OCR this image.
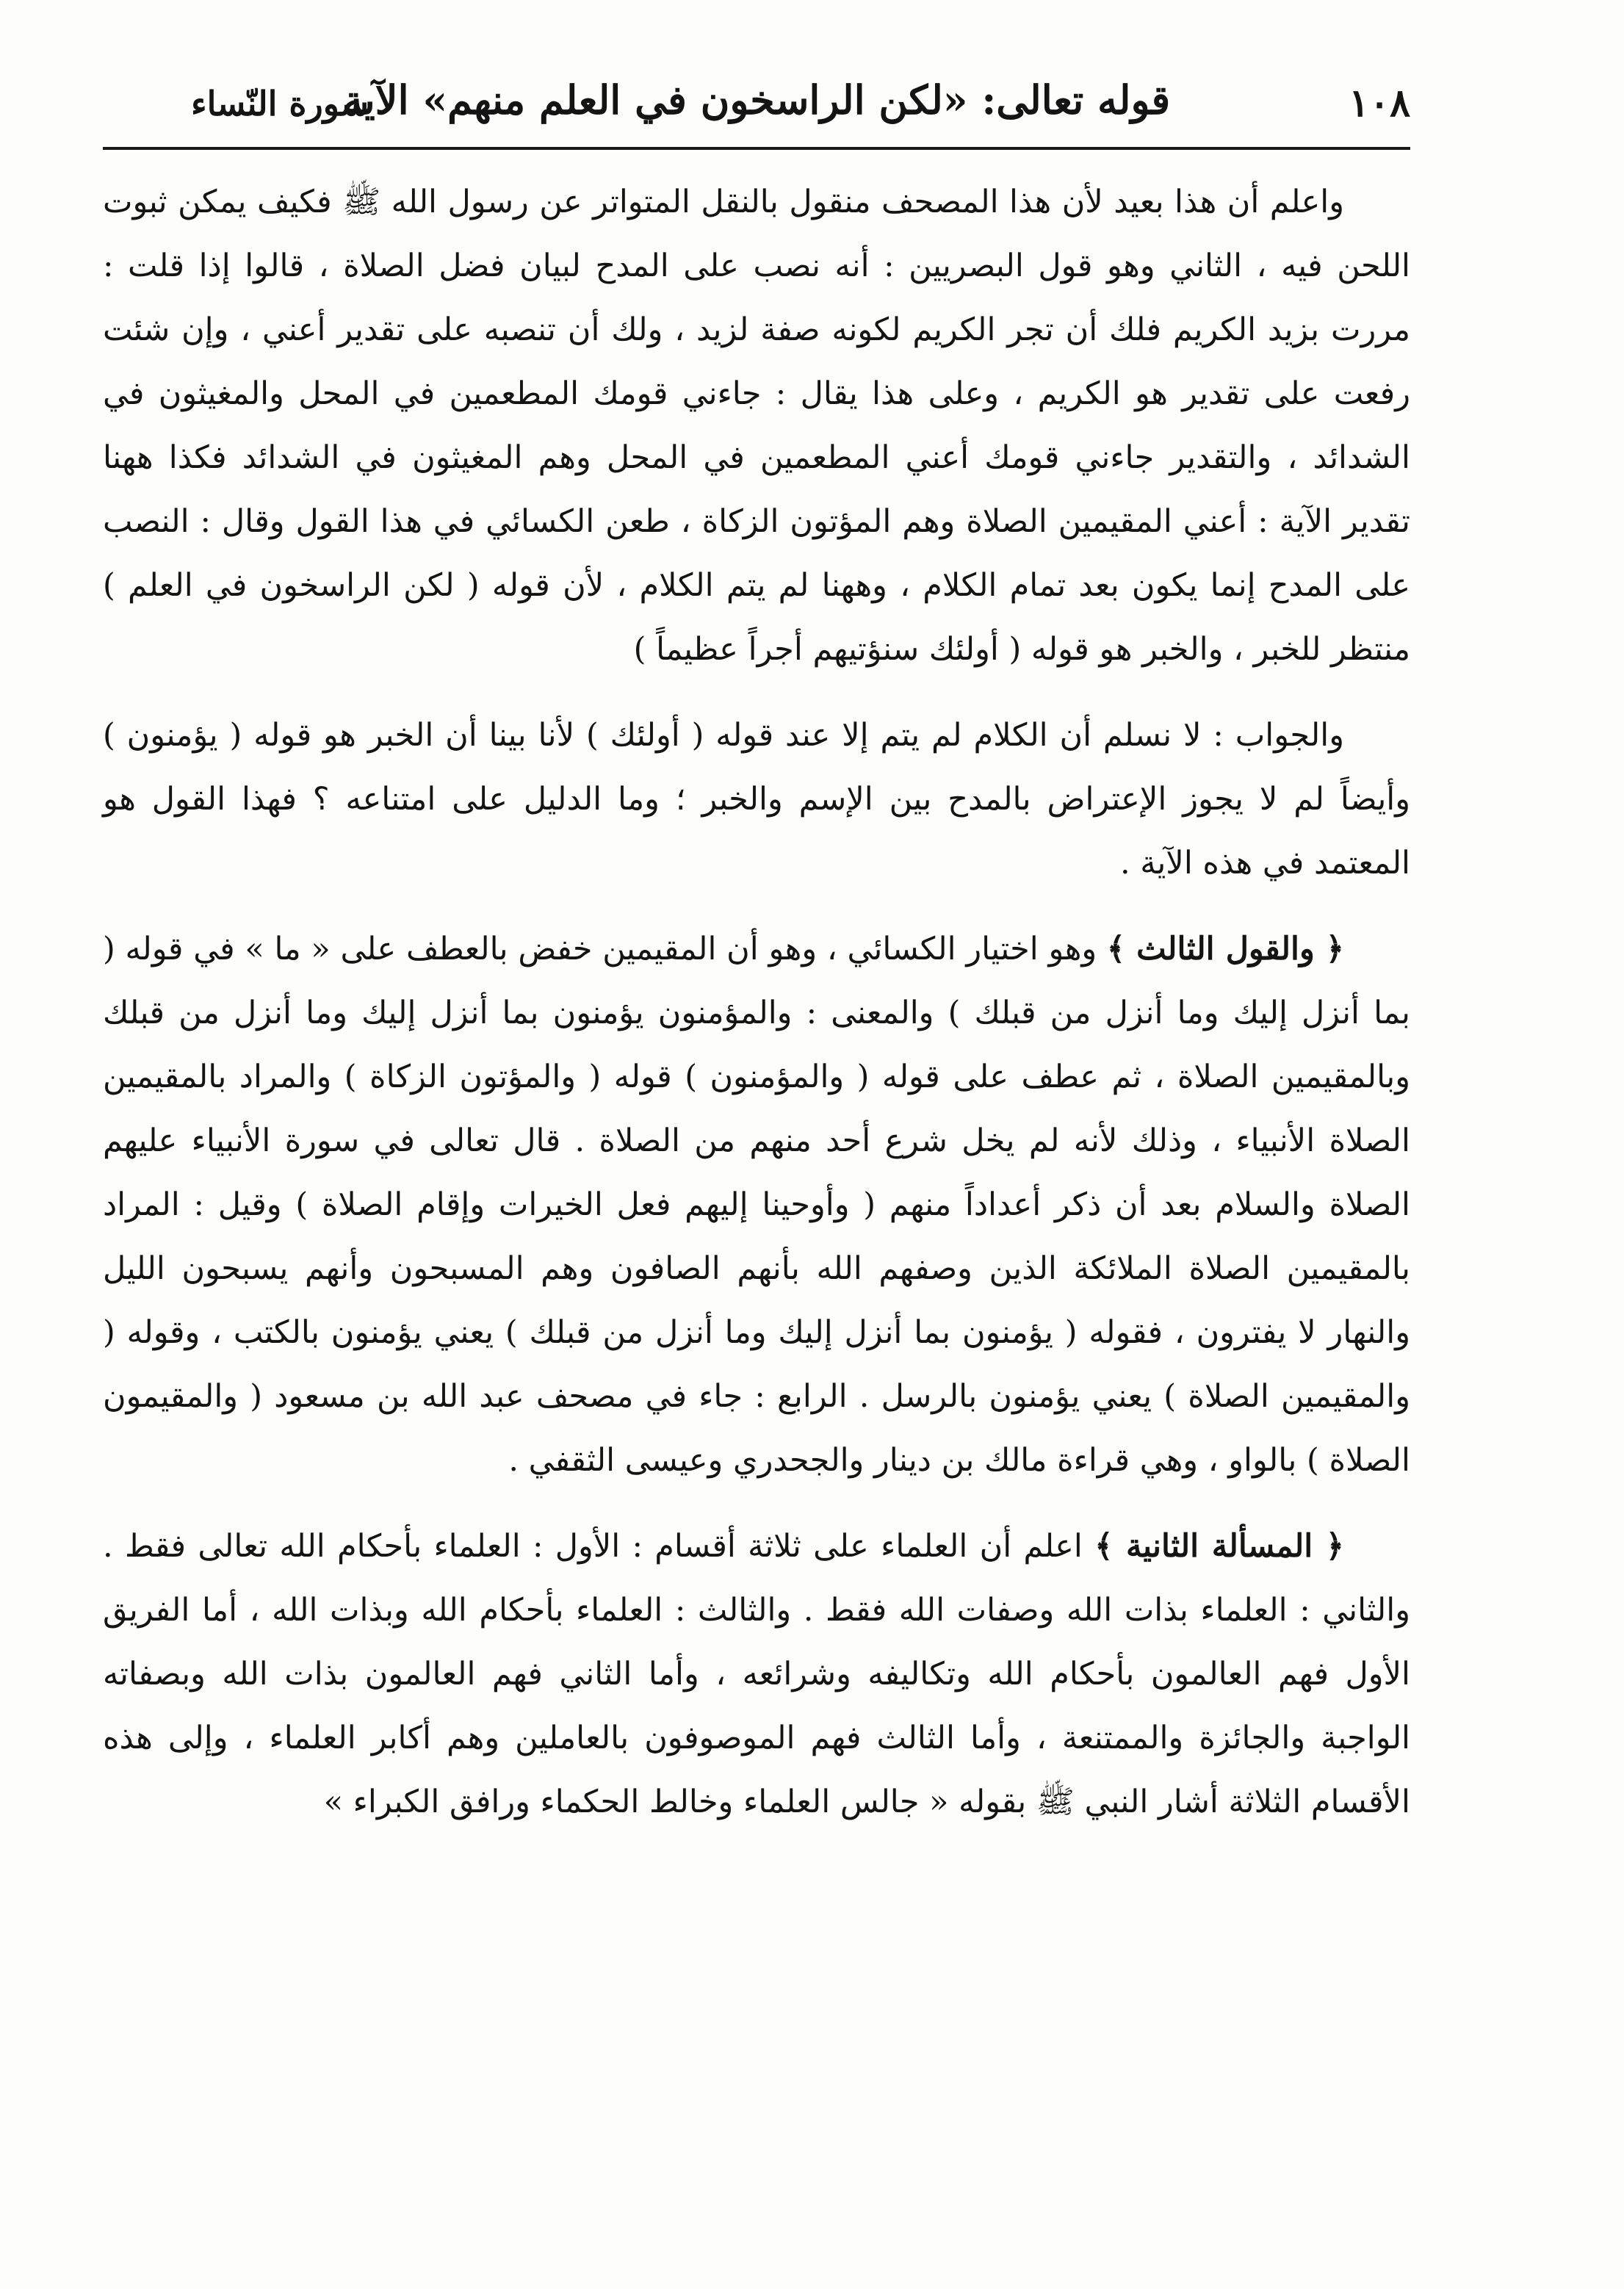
١٠٨
قوله تعالى: «لكن الراسخون في العلم منهم» الآية
سورة النّساء

واعلم أن هذا بعيد لأن هذا المصحف منقول بالنقل المتواتر عن رسول الله ﷺ فكيف يمكن ثبوت اللحن فيه ، الثاني وهو قول البصريين : أنه نصب على المدح لبيان فضل الصلاة ، قالوا إذا قلت : مررت بزيد الكريم فلك أن تجر الكريم لكونه صفة لزيد ، ولك أن تنصبه على تقدير أعني ، وإن شئت رفعت على تقدير هو الكريم ، وعلى هذا يقال : جاءني قومك المطعمين في المحل والمغيثون في الشدائد ، والتقدير جاءني قومك أعني المطعمين في المحل وهم المغيثون في الشدائد فكذا ههنا تقدير الآية : أعني المقيمين الصلاة وهم المؤتون الزكاة ، طعن الكسائي في هذا القول وقال : النصب على المدح إنما يكون بعد تمام الكلام ، وههنا لم يتم الكلام ، لأن قوله ( لكن الراسخون في العلم ) منتظر للخبر ، والخبر هو قوله ( أولئك سنؤتيهم أجراً عظيماً )

والجواب : لا نسلم أن الكلام لم يتم إلا عند قوله ( أولئك ) لأنا بينا أن الخبر هو قوله ( يؤمنون ) وأيضاً لم لا يجوز الإعتراض بالمدح بين الإسم والخبر ؛ وما الدليل على امتناعه ؟ فهذا القول هو المعتمد في هذه الآية .

﴿ والقول الثالث ﴾ وهو اختيار الكسائي ، وهو أن المقيمين خفض بالعطف على « ما » في قوله ( بما أنزل إليك وما أنزل من قبلك ) والمعنى : والمؤمنون يؤمنون بما أنزل إليك وما أنزل من قبلك وبالمقيمين الصلاة ، ثم عطف على قوله ( والمؤمنون ) قوله ( والمؤتون الزكاة ) والمراد بالمقيمين الصلاة الأنبياء ، وذلك لأنه لم يخل شرع أحد منهم من الصلاة . قال تعالى في سورة الأنبياء عليهم الصلاة والسلام بعد أن ذكر أعداداً منهم ( وأوحينا إليهم فعل الخيرات وإقام الصلاة ) وقيل : المراد بالمقيمين الصلاة الملائكة الذين وصفهم الله بأنهم الصافون وهم المسبحون وأنهم يسبحون الليل والنهار لا يفترون ، فقوله ( يؤمنون بما أنزل إليك وما أنزل من قبلك ) يعني يؤمنون بالكتب ، وقوله ( والمقيمين الصلاة ) يعني يؤمنون بالرسل . الرابع : جاء في مصحف عبد الله بن مسعود ( والمقيمون الصلاة ) بالواو ، وهي قراءة مالك بن دينار والجحدري وعيسى الثقفي .

﴿ المسألة الثانية ﴾ اعلم أن العلماء على ثلاثة أقسام : الأول : العلماء بأحكام الله تعالى فقط . والثاني : العلماء بذات الله وصفات الله فقط . والثالث : العلماء بأحكام الله وبذات الله ، أما الفريق الأول فهم العالمون بأحكام الله وتكاليفه وشرائعه ، وأما الثاني فهم العالمون بذات الله وبصفاته الواجبة والجائزة والممتنعة ، وأما الثالث فهم الموصوفون بالعاملين وهم أكابر العلماء ، وإلى هذه الأقسام الثلاثة أشار النبي ﷺ بقوله « جالس العلماء وخالط الحكماء ورافق الكبراء »
